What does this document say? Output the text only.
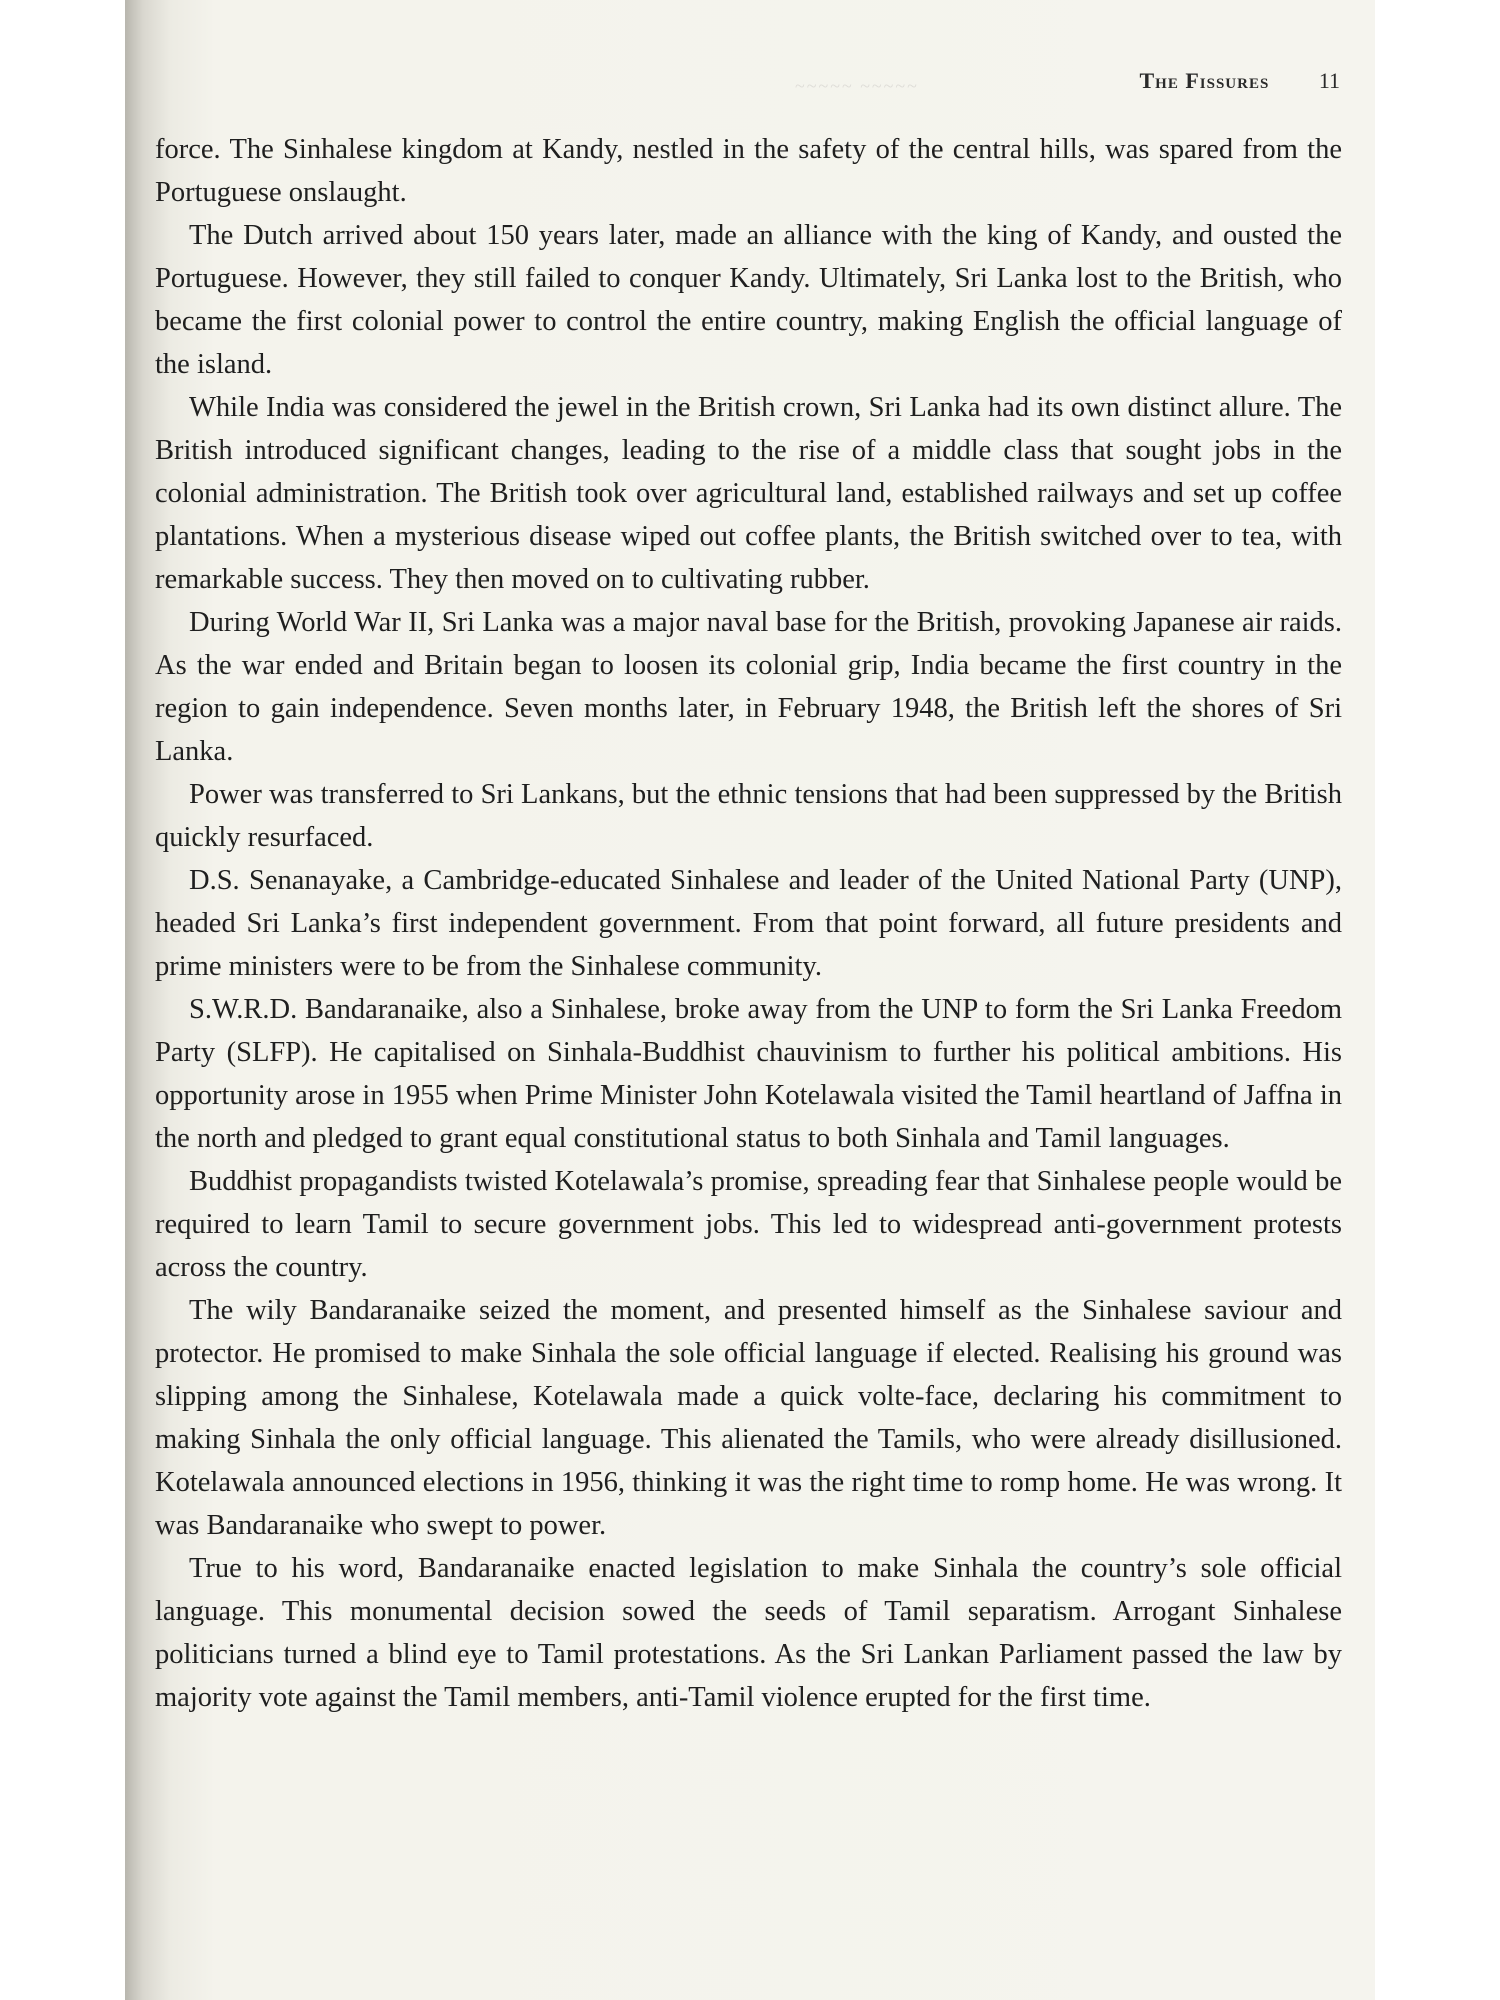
~~~~~ ~~~~~	The Fissures 11

force. The Sinhalese kingdom at Kandy, nestled in the safety of the central hills, was spared from the Portuguese onslaught.

The Dutch arrived about 150 years later, made an alliance with the king of Kandy, and ousted the Portuguese. However, they still failed to conquer Kandy. Ultimately, Sri Lanka lost to the British, who became the first colonial power to control the entire country, making English the official language of the island.

While India was considered the jewel in the British crown, Sri Lanka had its own distinct allure. The British introduced significant changes, leading to the rise of a middle class that sought jobs in the colonial administration. The British took over agricultural land, established railways and set up coffee plantations. When a mysterious disease wiped out coffee plants, the British switched over to tea, with remarkable success. They then moved on to cultivating rubber.

During World War II, Sri Lanka was a major naval base for the British, provoking Japanese air raids. As the war ended and Britain began to loosen its colonial grip, India became the first country in the region to gain independence. Seven months later, in February 1948, the British left the shores of Sri Lanka.

Power was transferred to Sri Lankans, but the ethnic tensions that had been suppressed by the British quickly resurfaced.

D.S. Senanayake, a Cambridge-educated Sinhalese and leader of the United National Party (UNP), headed Sri Lanka’s first independent government. From that point forward, all future presidents and prime ministers were to be from the Sinhalese community.

S.W.R.D. Bandaranaike, also a Sinhalese, broke away from the UNP to form the Sri Lanka Freedom Party (SLFP). He capitalised on Sinhala-Buddhist chauvinism to further his political ambitions. His opportunity arose in 1955 when Prime Minister John Kotelawala visited the Tamil heartland of Jaffna in the north and pledged to grant equal constitutional status to both Sinhala and Tamil languages.

Buddhist propagandists twisted Kotelawala’s promise, spreading fear that Sinhalese people would be required to learn Tamil to secure government jobs. This led to widespread anti-government protests across the country.

The wily Bandaranaike seized the moment, and presented himself as the Sinhalese saviour and protector. He promised to make Sinhala the sole official language if elected. Realising his ground was slipping among the Sinhalese, Kotelawala made a quick volte-face, declaring his commitment to making Sinhala the only official language. This alienated the Tamils, who were already disillusioned. Kotelawala announced elections in 1956, thinking it was the right time to romp home. He was wrong. It was Bandaranaike who swept to power.

True to his word, Bandaranaike enacted legislation to make Sinhala the country’s sole official language. This monumental decision sowed the seeds of Tamil separatism. Arrogant Sinhalese politicians turned a blind eye to Tamil protestations. As the Sri Lankan Parliament passed the law by majority vote against the Tamil members, anti-Tamil violence erupted for the first time.
